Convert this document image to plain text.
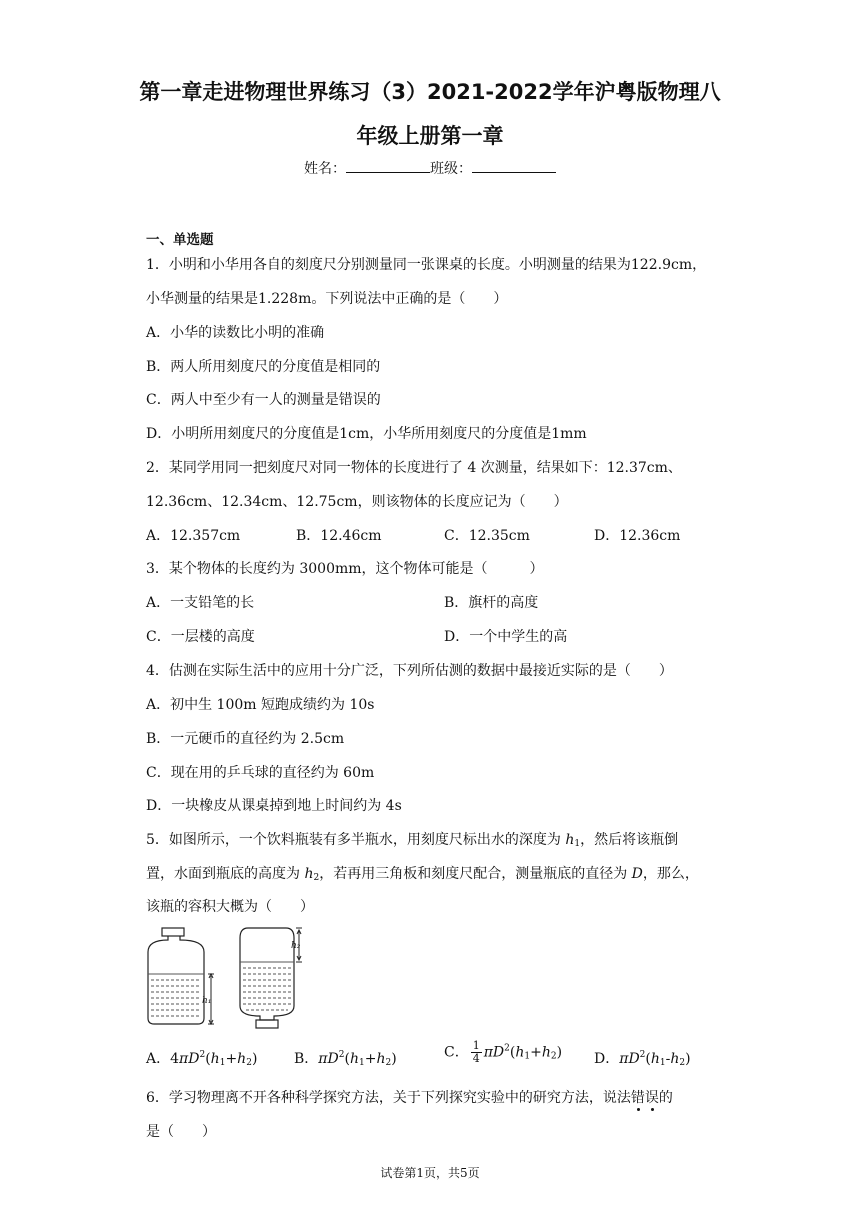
第一章走进物理世界练习（3）2021-2022学年沪粤版物理八
年级上册第一章
姓名：	班级：
一、单选题
1．小明和小华用各自的刻度尺分别测量同一张课桌的长度。小明测量的结果为122.9cm，
小华测量的结果是1.228m。下列说法中正确的是（　　）
A．小华的读数比小明的准确
B．两人所用刻度尺的分度值是相同的
C．两人中至少有一人的测量是错误的
D．小明所用刻度尺的分度值是1cm，小华所用刻度尺的分度值是1mm
2．某同学用同一把刻度尺对同一物体的长度进行了 4 次测量，结果如下：12.37cm、
12.36cm、12.34cm、12.75cm，则该物体的长度应记为（　　）
A．12.357cm	B．12.46cm	C．12.35cm	D．12.36cm
3．某个物体的长度约为 3000mm，这个物体可能是（　　　）
A．一支铅笔的长	B．旗杆的高度
C．一层楼的高度	D．一个中学生的高
4．估测在实际生活中的应用十分广泛，下列所估测的数据中最接近实际的是（　　）
A．初中生 100m 短跑成绩约为 10s
B．一元硬币的直径约为 2.5cm
C．现在用的乒乓球的直径约为 60m
D．一块橡皮从课桌掉到地上时间约为 4s
5．如图所示，一个饮料瓶装有多半瓶水，用刻度尺标出水的深度为 $h_1$，然后将该瓶倒
置，水面到瓶底的高度为 $h_2$，若再用三角板和刻度尺配合，测量瓶底的直径为 D，那么，
该瓶的容积大概为（　　）
h₁
h₂
A．$4\pi D^2(h_1+h_2)$	B．$\pi D^2(h_1+h_2)$	C． $\frac{1}{4} \pi D^2(h_1+h_2)$ D．$\pi D^2(h_1-h_2)$
6．学习物理离不开各种科学探究方法，关于下列探究实验中的研究方法，说法错误的
是（　　）
试卷第1页，共5页
